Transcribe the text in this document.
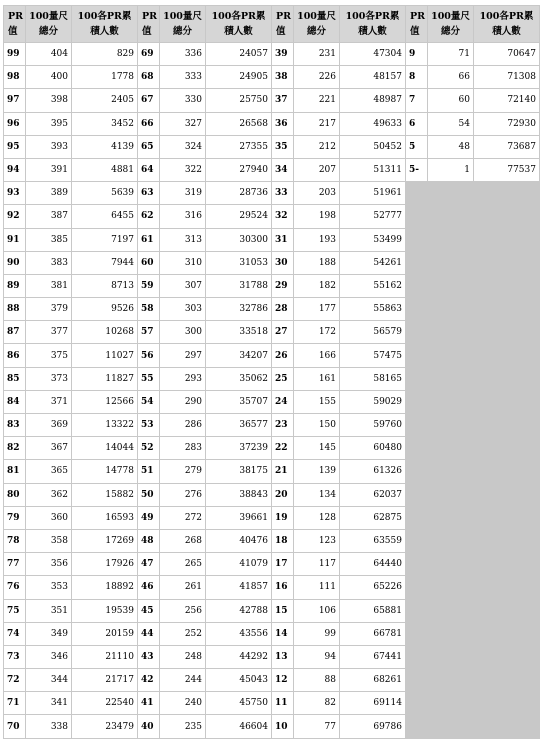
PR值	100量尺總分	100各PR累積人數	PR值	100量尺總分	100各PR累積人數	PR值	100量尺總分	100各PR累積人數	PR值	100量尺總分	100各PR累積人數
99	404	829	69	336	24057	39	231	47304	9	71	70647
98	400	1778	68	333	24905	38	226	48157	8	66	71308
97	398	2405	67	330	25750	37	221	48987	7	60	72140
96	395	3452	66	327	26568	36	217	49633	6	54	72930
95	393	4139	65	324	27355	35	212	50452	5	48	73687
94	391	4881	64	322	27940	34	207	51311	5-	1	77537
93	389	5639	63	319	28736	33	203	51961			
92	387	6455	62	316	29524	32	198	52777			
91	385	7197	61	313	30300	31	193	53499			
90	383	7944	60	310	31053	30	188	54261			
89	381	8713	59	307	31788	29	182	55162			
88	379	9526	58	303	32786	28	177	55863			
87	377	10268	57	300	33518	27	172	56579			
86	375	11027	56	297	34207	26	166	57475			
85	373	11827	55	293	35062	25	161	58165			
84	371	12566	54	290	35707	24	155	59029			
83	369	13322	53	286	36577	23	150	59760			
82	367	14044	52	283	37239	22	145	60480			
81	365	14778	51	279	38175	21	139	61326			
80	362	15882	50	276	38843	20	134	62037			
79	360	16593	49	272	39661	19	128	62875			
78	358	17269	48	268	40476	18	123	63559			
77	356	17926	47	265	41079	17	117	64440			
76	353	18892	46	261	41857	16	111	65226			
75	351	19539	45	256	42788	15	106	65881			
74	349	20159	44	252	43556	14	99	66781			
73	346	21110	43	248	44292	13	94	67441			
72	344	21717	42	244	45043	12	88	68261			
71	341	22540	41	240	45750	11	82	69114			
70	338	23479	40	235	46604	10	77	69786			
